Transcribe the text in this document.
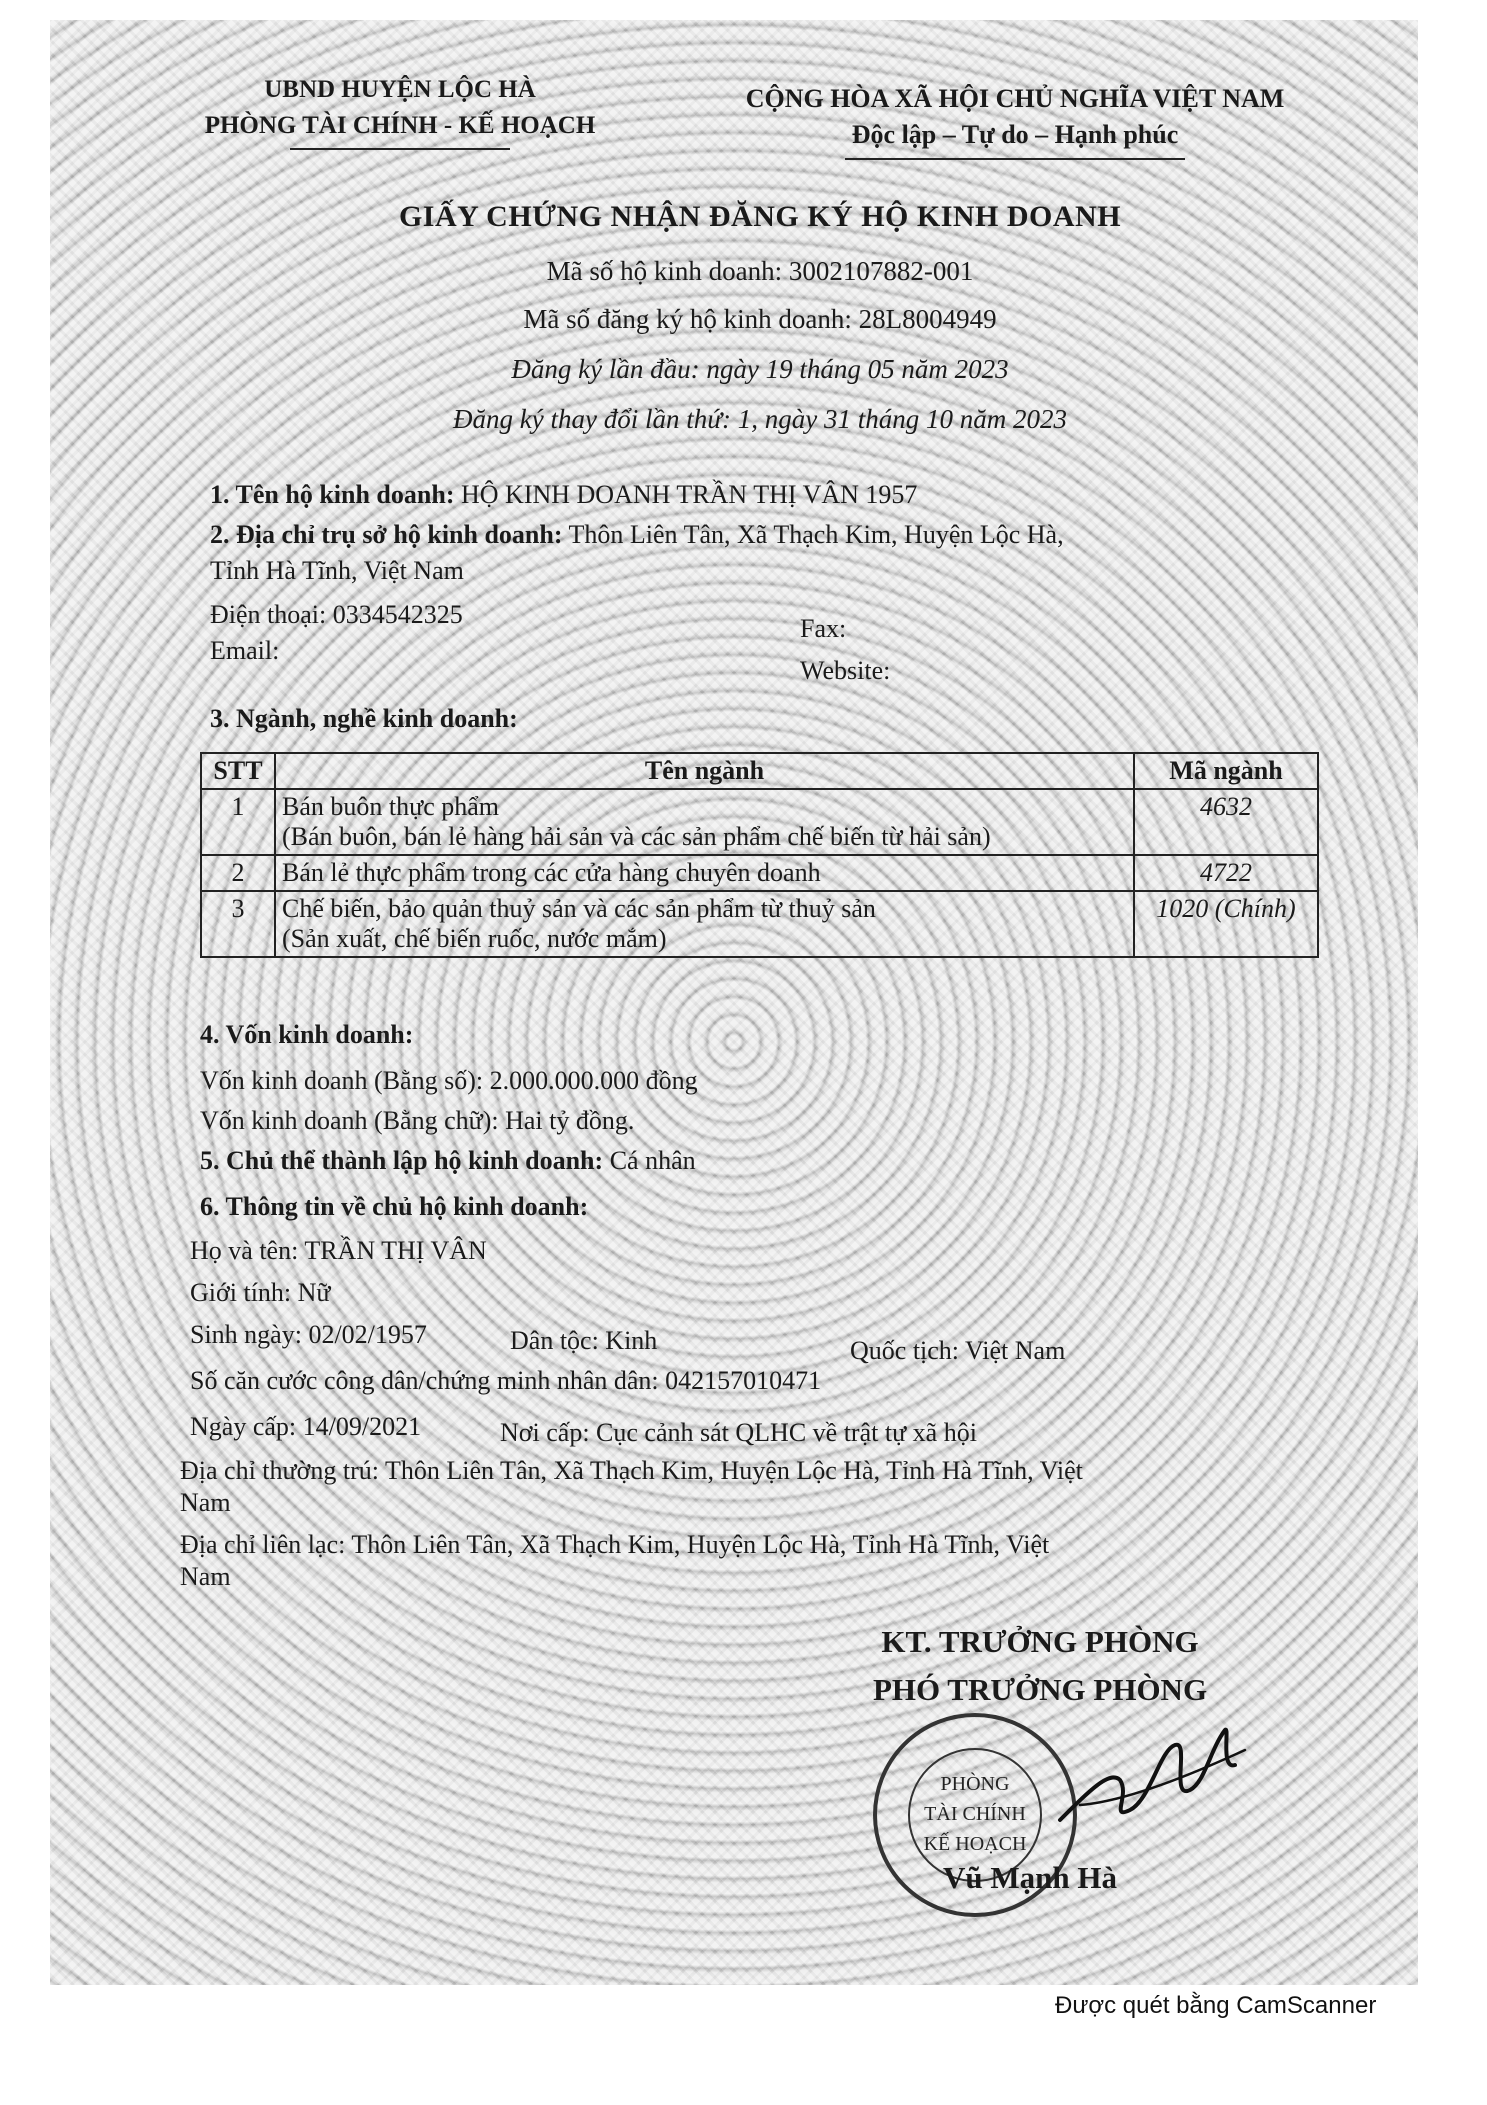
UBND HUYỆN LỘC HÀ
PHÒNG TÀI CHÍNH - KẾ HOẠCH
CỘNG HÒA XÃ HỘI CHỦ NGHĨA VIỆT NAM
Độc lập – Tự do – Hạnh phúc
GIẤY CHỨNG NHẬN ĐĂNG KÝ HỘ KINH DOANH
Mã số hộ kinh doanh: 3002107882-001
Mã số đăng ký hộ kinh doanh: 28L8004949
Đăng ký lần đầu: ngày 19 tháng 05 năm 2023
Đăng ký thay đổi lần thứ: 1, ngày 31 tháng 10 năm 2023
1. Tên hộ kinh doanh: HỘ KINH DOANH TRẦN THỊ VÂN 1957
2. Địa chỉ trụ sở hộ kinh doanh: Thôn Liên Tân, Xã Thạch Kim, Huyện Lộc Hà,
Tỉnh Hà Tĩnh, Việt Nam
Điện thoại: 0334542325	Fax:
Email:
Website:
3. Ngành, nghề kinh doanh:
STT	Tên ngành	Mã ngành
1	Bán buôn thực phẩm
(Bán buôn, bán lẻ hàng hải sản và các sản phẩm chế biến từ hải sản)	4632
2	Bán lẻ thực phẩm trong các cửa hàng chuyên doanh	4722
3	Chế biến, bảo quản thuỷ sản và các sản phẩm từ thuỷ sản
(Sản xuất, chế biến ruốc, nước mắm)	1020 (Chính)
4. Vốn kinh doanh:
Vốn kinh doanh (Bằng số): 2.000.000.000 đồng
Vốn kinh doanh (Bằng chữ): Hai tỷ đồng.
5. Chủ thể thành lập hộ kinh doanh: Cá nhân
6. Thông tin về chủ hộ kinh doanh:
Họ và tên: TRẦN THỊ VÂN
Giới tính: Nữ
Sinh ngày: 02/02/1957	Dân tộc: Kinh	Quốc tịch: Việt Nam
Số căn cước công dân/chứng minh nhân dân: 042157010471
Ngày cấp: 14/09/2021	Nơi cấp: Cục cảnh sát QLHC về trật tự xã hội
Địa chỉ thường trú: Thôn Liên Tân, Xã Thạch Kim, Huyện Lộc Hà, Tỉnh Hà Tĩnh, Việt
Nam
Địa chỉ liên lạc: Thôn Liên Tân, Xã Thạch Kim, Huyện Lộc Hà, Tỉnh Hà Tĩnh, Việt
Nam
KT. TRƯỞNG PHÒNG
PHÓ TRƯỞNG PHÒNG
PHÒNG
TÀI CHÍNH
KẾ HOẠCH
Vũ Mạnh Hà
Được quét bằng CamScanner
